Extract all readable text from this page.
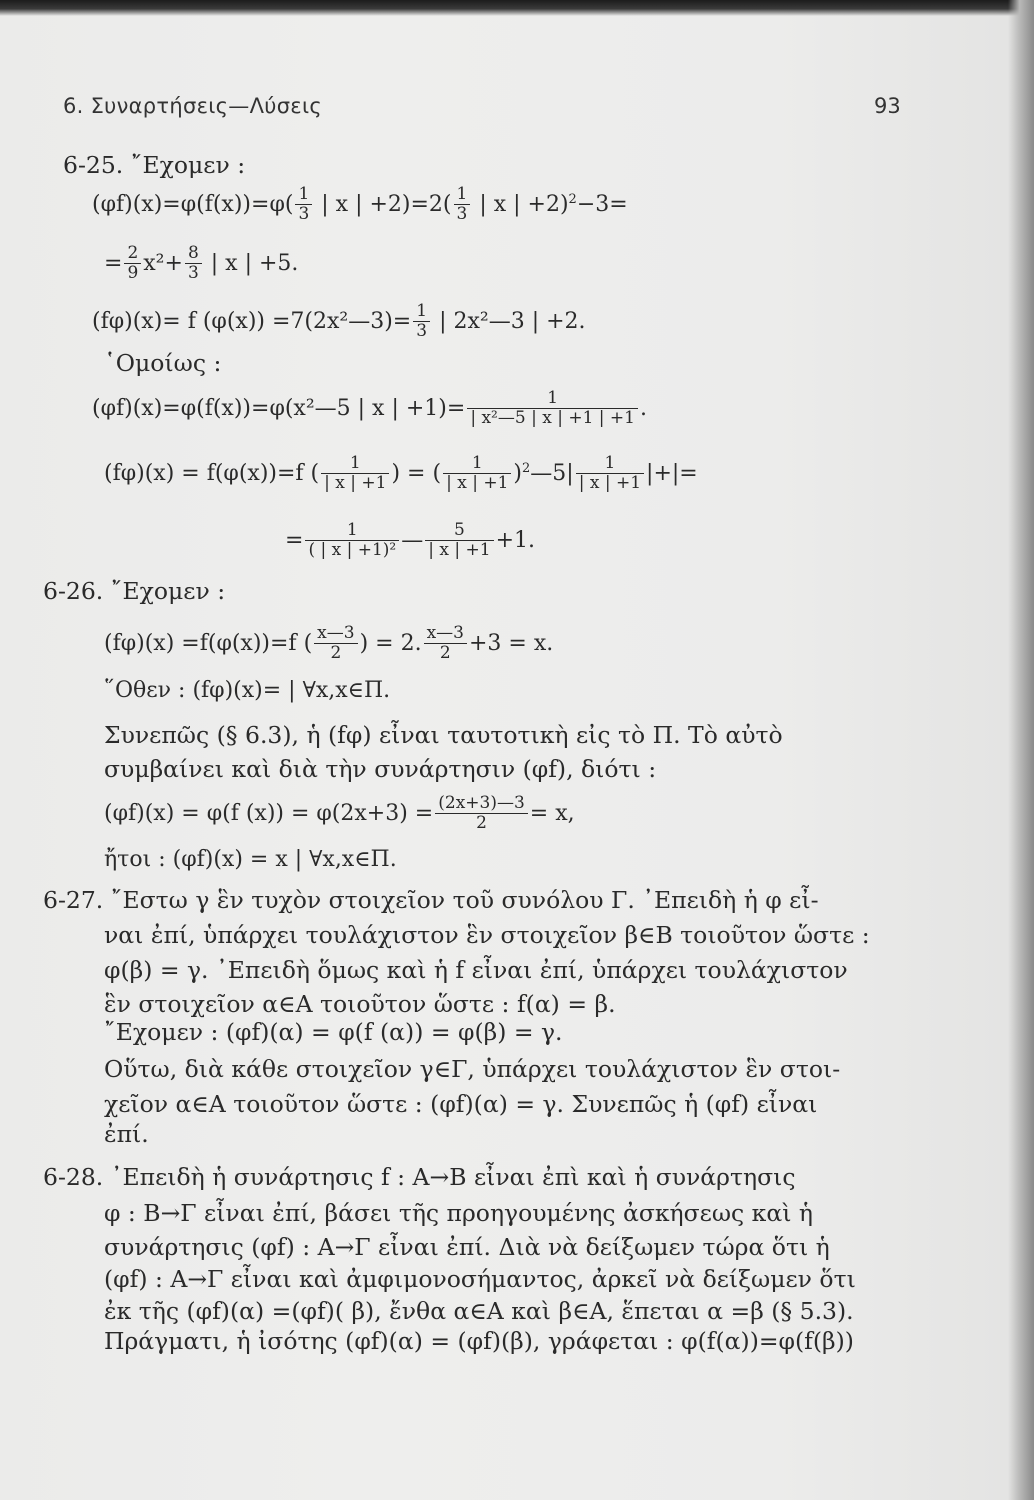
6. Συναρτήσεις—Λύσεις	93
6-25. ῎Εχομεν :
$(\varphi f)(x)=\varphi(f(x))=\varphi( \frac{1}{3}$ | x | $+2)=2( \frac{1}{3}$ | x | +2)$^2$−3=
= $\frac{2}{9} x^2+ \frac{8}{3}$ | x | +5.
(fφ)(x)= f (φ(x)) =7(2x²—3)= $\frac{1}{3}$ | 2x²—3 | +2.
῾Ομοίως :
(φf)(x)=φ(f(x))=φ(x²—5 | x | $+1)= \frac{1}{\text{| x²—5 | x | +1 | +1}}$ .
(fφ)(x) = f(φ(x))=f ( $\frac{1}{| x | +1}$ ) = ( $\frac{1}{| x | +1}$ )$^2$—5| $\frac{1}{| x | +1}$ |+|=
= $\frac{1}{\text{( | x | +1)²}}$ — $\frac{5}{| x | +1} +1$.
6-26. ῎Εχομεν :
(fφ)(x) =f(φ(x))=f ( $\frac{x—3}{2}$ ) = 2. $\frac{x—3}{2} +3 = x$.
῞Οθεν : (fφ)(x)= | ∀x,x∈Π.
Συνεπῶς (§ 6.3), ἡ (fφ) εἶναι ταυτοτικὴ εἰς τὸ Π. Τὸ αὐτὸ
συμβαίνει καὶ διὰ τὴν συνάρτησιν (φf), διότι :
(φf)(x) = φ(f $(x)) = \varphi(2x+3) = \frac{(2x+3)—3}{2} = x$,
ἤτοι : (φf)(x) = x | ∀x,x∈Π.
6-27. ῎Εστω γ ἓν τυχὸν στοιχεῖον τοῦ συνόλου Γ. ᾿Επειδὴ ἡ φ εἶ-
ναι ἐπί, ὑπάρχει τουλάχιστον ἓν στοιχεῖον β∈Β τοιοῦτον ὥστε :
φ(β) = γ. ᾿Επειδὴ ὅμως καὶ ἡ f εἶναι ἐπί, ὑπάρχει τουλάχιστον
ἓν στοιχεῖον α∈Α τοιοῦτον ὥστε : f(α) = β.
῎Εχομεν : (φf)(α) = φ(f (α)) = φ(β) = γ.
Οὕτω, διὰ κάθε στοιχεῖον γ∈Γ, ὑπάρχει τουλάχιστον ἓν στοι-
χεῖον α∈Α τοιοῦτον ὥστε : (φf)(α) = γ. Συνεπῶς ἡ (φf) εἶναι
ἐπί.
6-28. ᾿Επειδὴ ἡ συνάρτησις f : Α→Β εἶναι ἐπὶ καὶ ἡ συνάρτησις
φ : Β→Γ εἶναι ἐπί, βάσει τῆς προηγουμένης ἀσκήσεως καὶ ἡ
συνάρτησις (φf) : Α→Γ εἶναι ἐπί. Διὰ νὰ δείξωμεν τώρα ὅτι ἡ
(φf) : Α→Γ εἶναι καὶ ἀμφιμονοσήμαντος, ἀρκεῖ νὰ δείξωμεν ὅτι
ἐκ τῆς (φf)(α) =(φf)( β), ἔνθα α∈Α καὶ β∈Α, ἕπεται α =β (§ 5.3).
Πράγματι, ἡ ἰσότης (φf)(α) = (φf)(β), γράφεται : φ(f(α))=φ(f(β))
